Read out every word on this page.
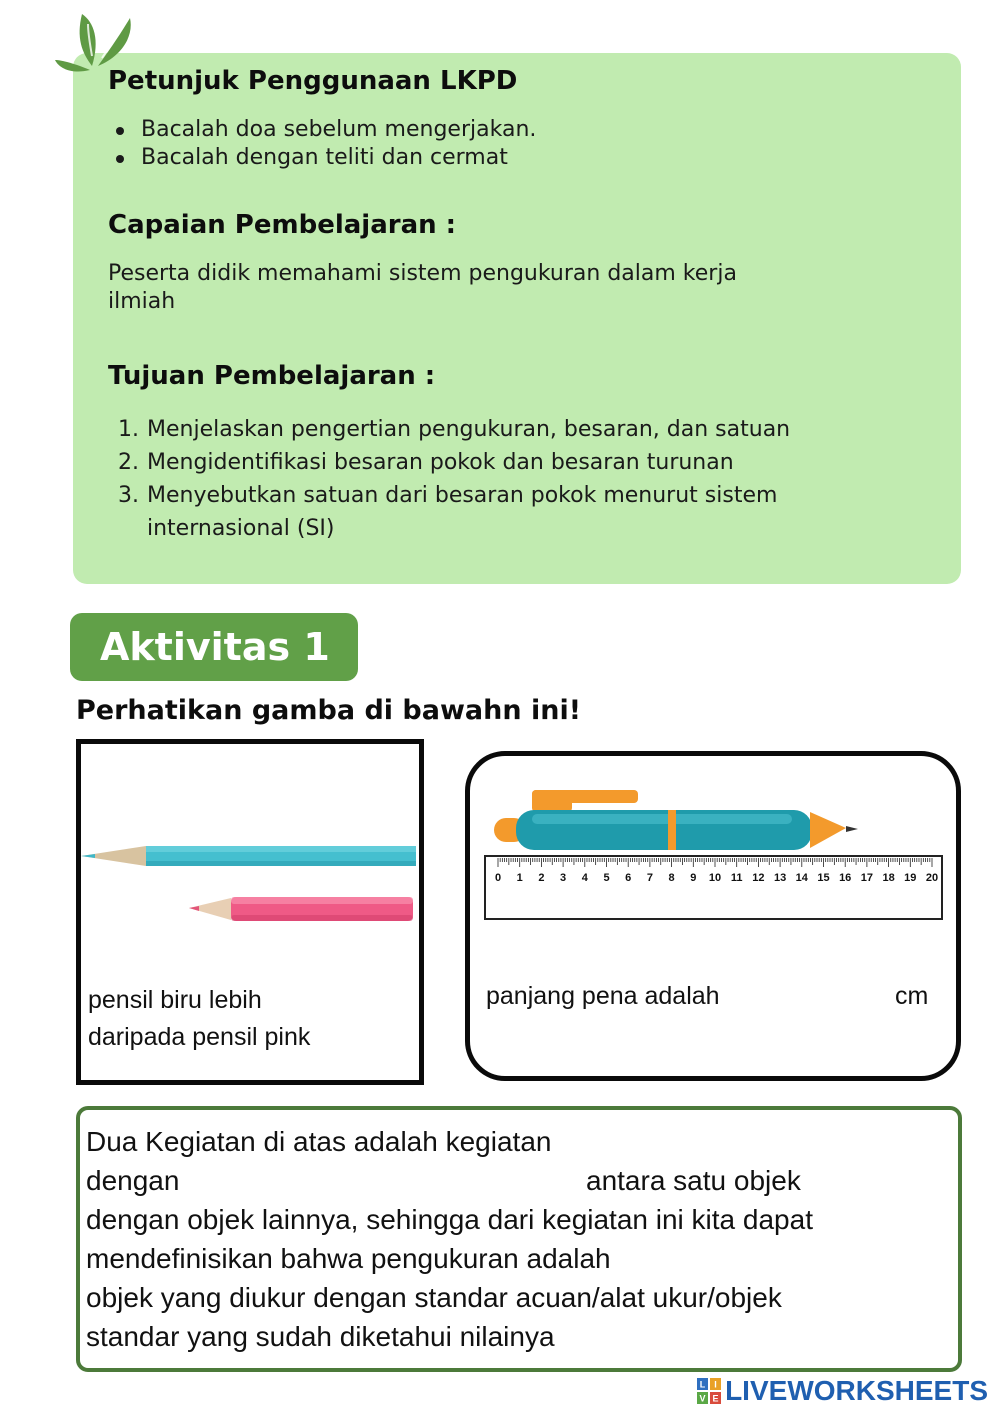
Petunjuk Penggunaan LKPD
Bacalah doa sebelum mengerjakan.
Bacalah dengan teliti dan cermat
Capaian Pembelajaran :
Peserta didik memahami sistem pengukuran dalam kerja
ilmiah
Tujuan Pembelajaran :
1. Menjelaskan pengertian pengukuran, besaran, dan satuan
2. Mengidentifikasi besaran pokok dan besaran turunan
3. Menyebutkan satuan dari besaran pokok menurut sistem
internasional (SI)
Aktivitas 1
Perhatikan gamba di bawahn ini!
pensil biru lebih
daripada pensil pink
0 1 2 3 4 5 6 7 8 9 10 11 12 13 14 15 16 17 18 19 20
panjang pena adalah	cm
Dua Kegiatan di atas adalah kegiatan
dengan	antara satu objek
dengan objek lainnya, sehingga dari kegiatan ini kita dapat
mendefinisikan bahwa pengukuran adalah
objek yang diukur dengan standar acuan/alat ukur/objek
standar yang sudah diketahui nilainya
L I
V E LIVEWORKSHEETS
